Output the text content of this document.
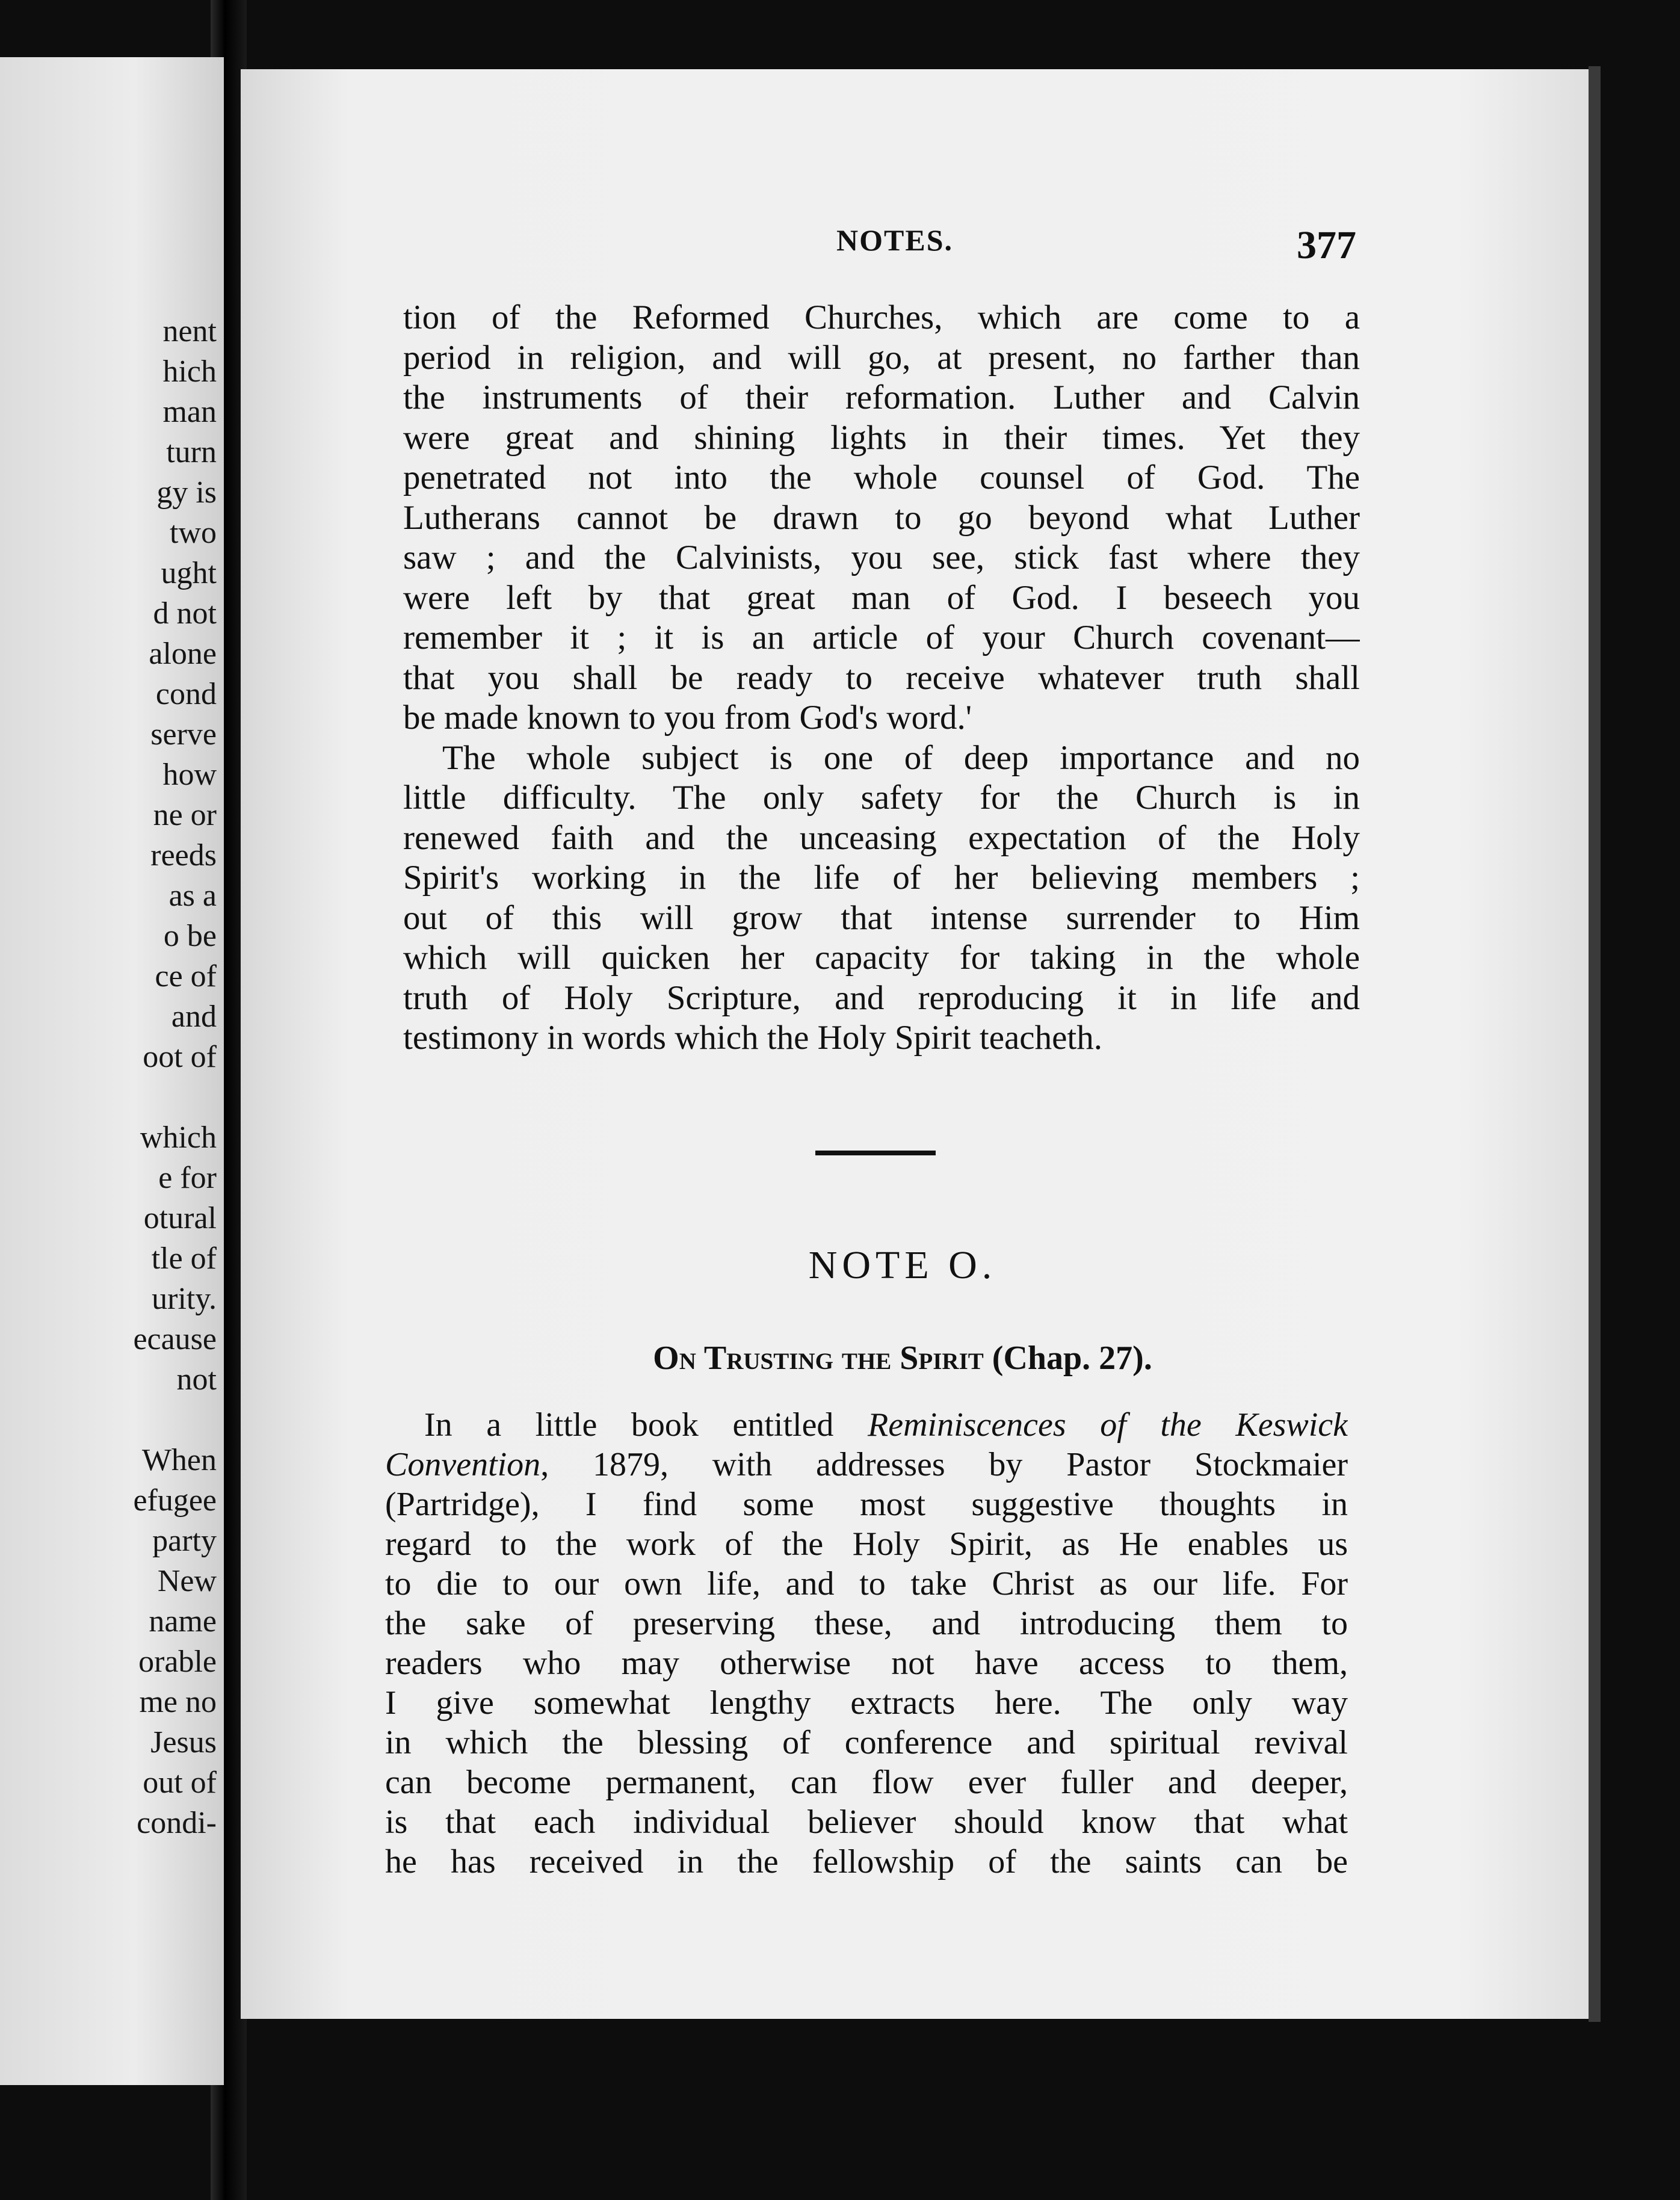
nent
hich
man
turn
gy is
two
ught
d not
alone
cond
serve
how
ne or
reeds
as a
o be
ce of
and
oot of
which
e for
otural
tle of
urity.
ecause
not
When
efugee
party
New
name
orable
me no
Jesus
out of
condi-
NOTES.	377
tion of the Reformed Churches, which are come to a
period in religion, and will go, at present, no farther than
the instruments of their reformation. Luther and Calvin
were great and shining lights in their times. Yet they
penetrated not into the whole counsel of God. The
Lutherans cannot be drawn to go beyond what Luther
saw ; and the Calvinists, you see, stick fast where they
were left by that great man of God. I beseech you
remember it ; it is an article of your Church covenant—
that you shall be ready to receive whatever truth shall
be made known to you from God's word.'
The whole subject is one of deep importance and no
little difficulty. The only safety for the Church is in
renewed faith and the unceasing expectation of the Holy
Spirit's working in the life of her believing members ;
out of this will grow that intense surrender to Him
which will quicken her capacity for taking in the whole
truth of Holy Scripture, and reproducing it in life and
testimony in words which the Holy Spirit teacheth.
NOTE O.
On Trusting the Spirit (Chap. 27).
In a little book entitled Reminiscences of the Keswick
Convention, 1879, with addresses by Pastor Stockmaier
(Partridge), I find some most suggestive thoughts in
regard to the work of the Holy Spirit, as He enables us
to die to our own life, and to take Christ as our life. For
the sake of preserving these, and introducing them to
readers who may otherwise not have access to them,
I give somewhat lengthy extracts here. The only way
in which the blessing of conference and spiritual revival
can become permanent, can flow ever fuller and deeper,
is that each individual believer should know that what
he has received in the fellowship of the saints can be
